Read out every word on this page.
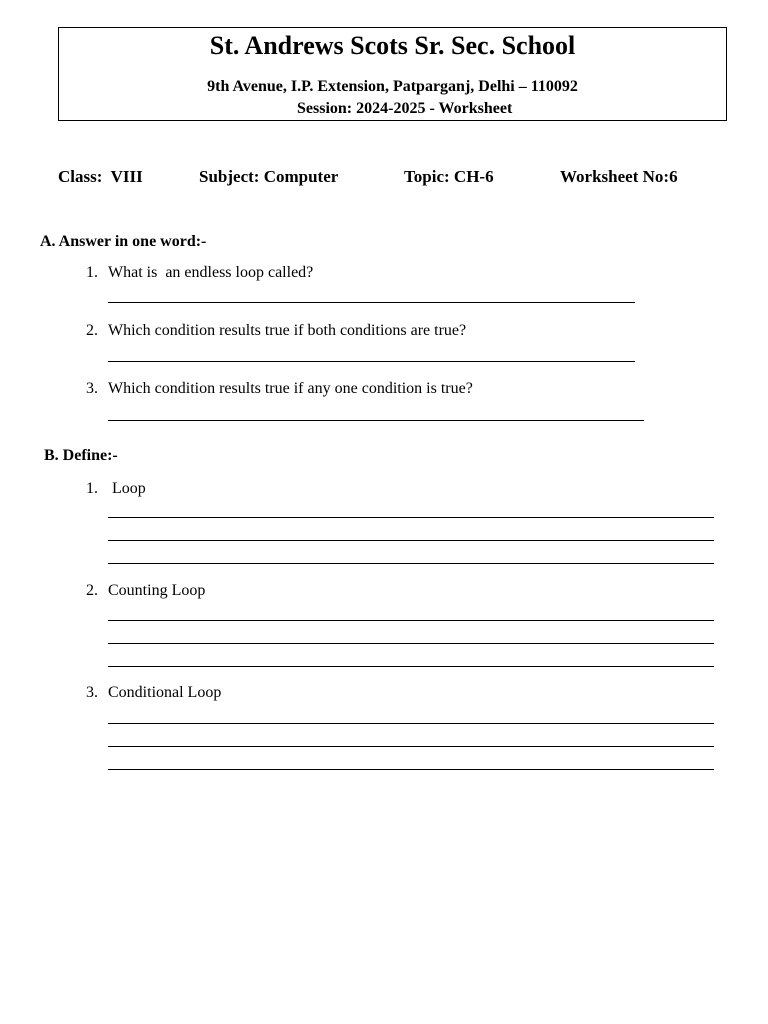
St. Andrews Scots Sr. Sec. School
9th Avenue, I.P. Extension, Patparganj, Delhi – 110092
Session: 2024-2025 - Worksheet
Class:  VIII	Subject: Computer	Topic: CH-6	Worksheet No:6
A. Answer in one word:-
1. What is  an endless loop called?
2. Which condition results true if both conditions are true?
3. Which condition results true if any one condition is true?
B. Define:-
1. Loop
2. Counting Loop
3. Conditional Loop
